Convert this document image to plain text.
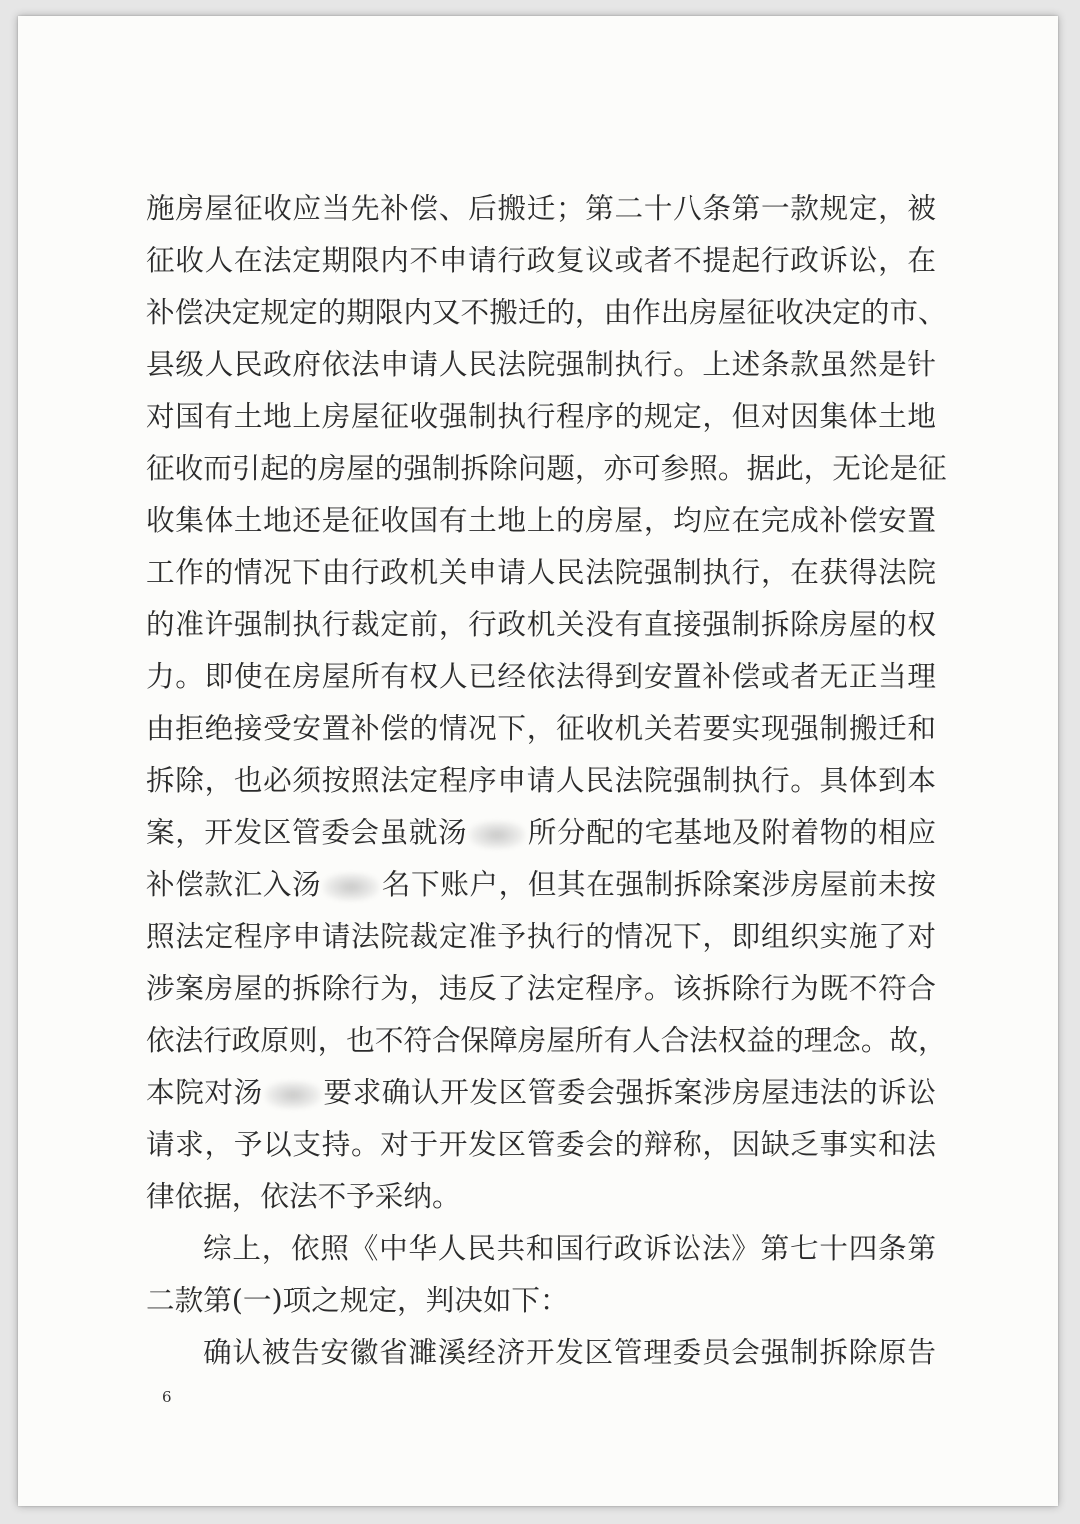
施房屋征收应当先补偿、后搬迁；第二十八条第一款规定，被
征收人在法定期限内不申请行政复议或者不提起行政诉讼，在
补偿决定规定的期限内又不搬迁的，由作出房屋征收决定的市、
县级人民政府依法申请人民法院强制执行。上述条款虽然是针
对国有土地上房屋征收强制执行程序的规定，但对因集体土地
征收而引起的房屋的强制拆除问题，亦可参照。据此，无论是征
收集体土地还是征收国有土地上的房屋，均应在完成补偿安置
工作的情况下由行政机关申请人民法院强制执行，在获得法院
的准许强制执行裁定前，行政机关没有直接强制拆除房屋的权
力。即使在房屋所有权人已经依法得到安置补偿或者无正当理
由拒绝接受安置补偿的情况下，征收机关若要实现强制搬迁和
拆除，也必须按照法定程序申请人民法院强制执行。具体到本
案，开发区管委会虽就汤 所分配的宅基地及附着物的相应
补偿款汇入汤 名下账户，但其在强制拆除案涉房屋前未按
照法定程序申请法院裁定准予执行的情况下，即组织实施了对
涉案房屋的拆除行为，违反了法定程序。该拆除行为既不符合
依法行政原则，也不符合保障房屋所有人合法权益的理念。故，
本院对汤 要求确认开发区管委会强拆案涉房屋违法的诉讼
请求，予以支持。对于开发区管委会的辩称，因缺乏事实和法
律依据，依法不予采纳。
综上，依照《中华人民共和国行政诉讼法》第七十四条第
二款第(一)项之规定，判决如下：
确认被告安徽省濉溪经济开发区管理委员会强制拆除原告
6
